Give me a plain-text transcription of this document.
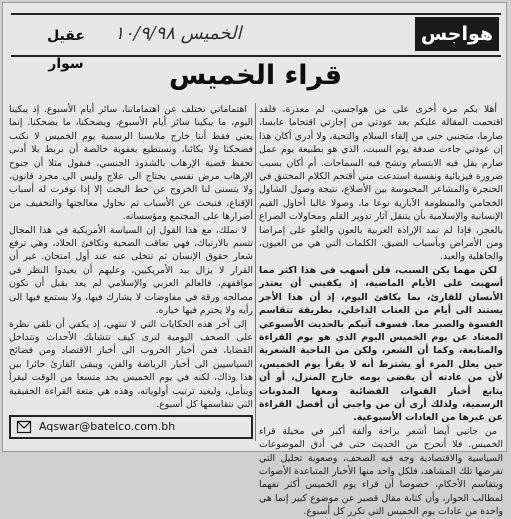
هواجس
الخميس ١٠/٩/٩٨
عقيل سوار	قراء الخميس

أهلا بكم مرة أخرى على من هواجسي، لم معذرة، فلقد اقتحمت المقالة عليكم بعد عودتي من إجازتي اقتحاما عابسا، صارما، متجنبي حتى من إلقاء السلام والتحية، ولا أدري أكان هذا إن عودتي جاءت صدفة يوم السبت، الذي هو بطبيعة يوم عمل صارم يقل فيه الابتسام وتشح فيه السماحات. أم أكان بسبب ضرورة فيزيائية ونفسية استدعت مني أقتحم الكلام المختنق في الحنجرة والمشاعر المحبوسة بين الأضلاع، نتيجة وصول الشاول الخجامي والمنظومة الآبارية نوعا ما، وصولا غالبا أحاول القيم الإنسانية والإسلامية بأن يتنقل آثار تدوير القلم ومحاولات الصراع بالعجز، فإذا لم تمد الإرادة العربية بالعون والغلو على إمراضا ومن الأمراض وبأسباب الضيق. الكلمات التي هي من العيون، والجاهلية والعيد.

لكن مهما يكن السبب، فلن أسهب في هذا اكثر مما أسهبت على الأيام الماضية، إذ يكفيني أن يعتذر الأنسان للقارئ، بما يكافئ اليوم، إذ أن هذا الأجر يستند الى أيام من العتاب الداخلي، بطريقة تتقاسم القسوة والصبر معا. فسوف آتيكم بالحديث الأسبوعي المعتاد عن يوم الخميس اليوم الذي هو يوم القراءة والمتابعة، وكما أن الشعر، ولكن من الناحية الشعرية حين يعلل المرء أو يشترط أنه لا يقرأ يوم الخميس، لأن من عادته أن يقضي يومه خارج المنزل، أو أن يتابع أخبار القنوات الفضائية ومعها المدونات الرسمية، ولذلك أرى أن من واجبي أن أفصل القراءة عن غيرها من العادات الأسبوعية.

من جانبي أيضا أشعر براحة وألفة أكبر في مخيلة قراء الخميس. فلا أتحرج من الحديث حتى في أدق الموضوعات السياسية والاقتصادية وجه فيه الصحف، وصعوبة تحليل التي تفرضها تلك المشاهد، فلكل واحد منها الأخبار المتباعدة الأصوات ويتقاسم الأحكام، خصوصا أن قراء يوم الخميس أكثر تفهما لمطالب الحوار، وأن كتابة مقال قصير عن موضوع كبير إنما هي واحدة من عادات يوم الخميس التي تكرر كل أسبوع.

اهتماماتي تختلف عن اهتماماتنا، سائر أيام الأسبوع. إذ يبكينا اليوم، ما يبكينا سائر أيام الأسبوع، ويضحكنا، ما يضحكنا. إنما يعني فقط أننا خارج ملابسنا الرسمية يوم الخميس لا نكتب فضحكنا ولا بكائنا، ونستطيع بعفوية خالصة أن نربط بلا أدنى تحفظ قضية الإرهاب بالشذوذ الجنسي، فنقول مثلا أن جنوح الإرهاب مرض نفسي يحتاج الى علاج وليس الى مجرد قانون، ولا يتسنى لنا الخروج عن خط البحث إلا إذا توفرت له أسباب الإقناع، فنبحث عن الأسباب ثم نحاول معالجتها والتخفيف من أضرارها على المجتمع ومؤسساته.

لا نملك، مع هذا القول إن السياسة الأمريكية في هذا المجال تتسم بالارتباك، فهي تعاقب الضحية وتكافئ الجلاد، وهي ترفع شعار حقوق الإنسان ثم تتخلى عنه عند أول امتحان. غير أن القرار لا يزال بيد الأمريكيين، وعليهم أن يعيدوا النظر في مواقفهم، فالعالم العربي والإسلامي لم يعد يقبل أن تكون مصالحه ورقة في مفاوضات لا يشارك فيها، ولا يستمع فيها الى رأيه ولا يحترم فيها خياره.

إلى آخر هذه الحكايات التي لا تنتهي، إذ يكفي أن نلقي نظرة على الصحف اليومية لنرى كيف تتشابك الأحداث وتتداخل القضايا، فمن أخبار الحروب الى أخبار الاقتصاد ومن فضائح السياسيين الى أخبار الرياضة والفن، ويبقى القارئ حائرا بين هذا وذاك، لكنه في يوم الخميس يجد متسعا من الوقت ليقرأ ويتأمل، وليعيد ترتيب أولوياته، وهذه هي متعة القراءة الحقيقية التي نتقاسمها كل أسبوع.

Aqswar@batelco.com.bh
